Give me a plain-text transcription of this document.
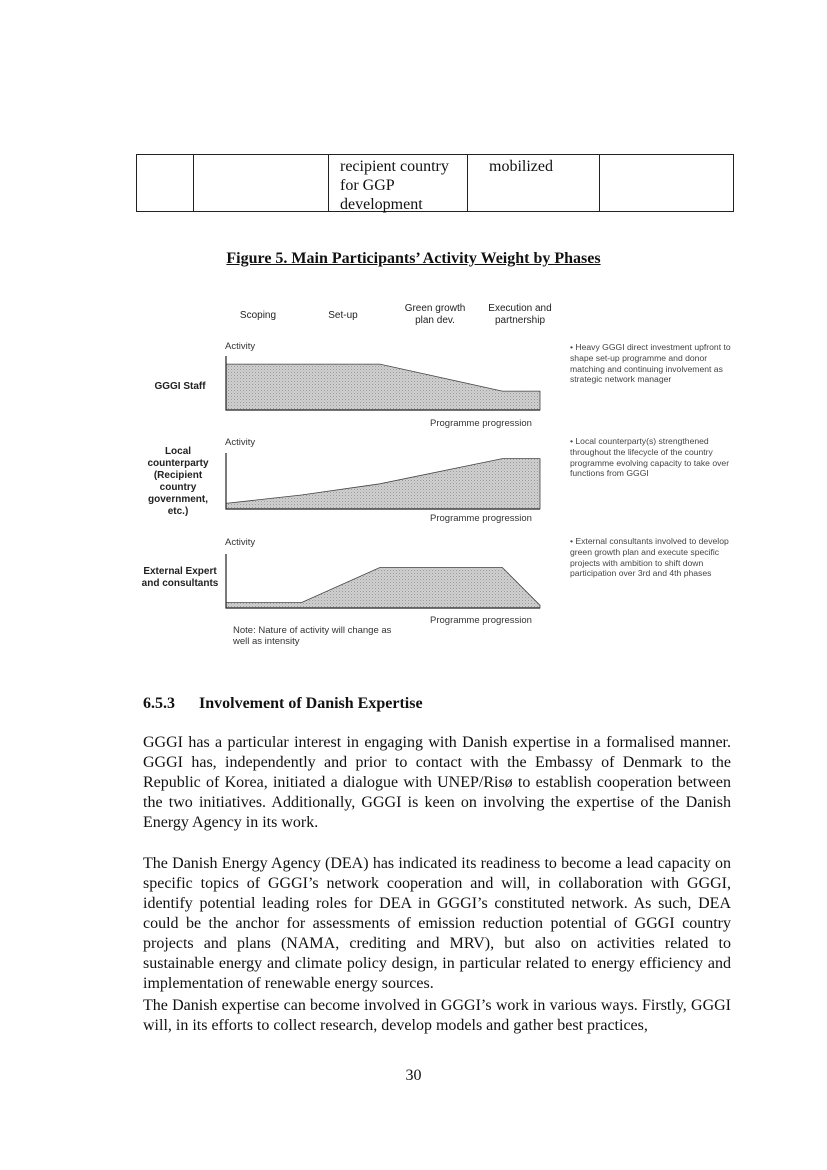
recipient country
for GGP
development
mobilized
Figure 5. Main Participants’ Activity Weight by Phases
Scoping	Set-up
Green growth plan dev.
Execution and partnership
GGGI Staff
Local counterparty (Recipient country government, etc.)
External Expert and consultants
Activity
Activity
Activity
Programme progression
Programme progression
Programme progression
Note: Nature of activity will change as well as intensity
• Heavy GGGI direct investment upfront to shape set-up programme and donor matching and continuing involvement as strategic network manager
• Local counterparty(s) strengthened throughout the lifecycle of the country programme evolving capacity to take over functions from GGGI
• External consultants involved to develop green growth plan and execute specific projects with ambition to shift down participation over 3rd and 4th phases
6.5.3 Involvement of Danish Expertise

GGGI has a particular interest in engaging with Danish expertise in a formalised manner. GGGI has, independently and prior to contact with the Embassy of Denmark to the Republic of Korea, initiated a dialogue with UNEP/Risø to establish cooperation between the two initiatives. Additionally, GGGI is keen on involving the expertise of the Danish Energy Agency in its work.

The Danish Energy Agency (DEA) has indicated its readiness to become a lead capacity on specific topics of GGGI’s network cooperation and will, in collaboration with GGGI, identify potential leading roles for DEA in GGGI’s constituted network. As such, DEA could be the anchor for assessments of emission reduction potential of GGGI country projects and plans (NAMA, crediting and MRV), but also on activities related to sustainable energy and climate policy design, in particular related to energy efficiency and implementation of renewable energy sources.

The Danish expertise can become involved in GGGI’s work in various ways. Firstly, GGGI will, in its efforts to collect research, develop models and gather best practices,

30
